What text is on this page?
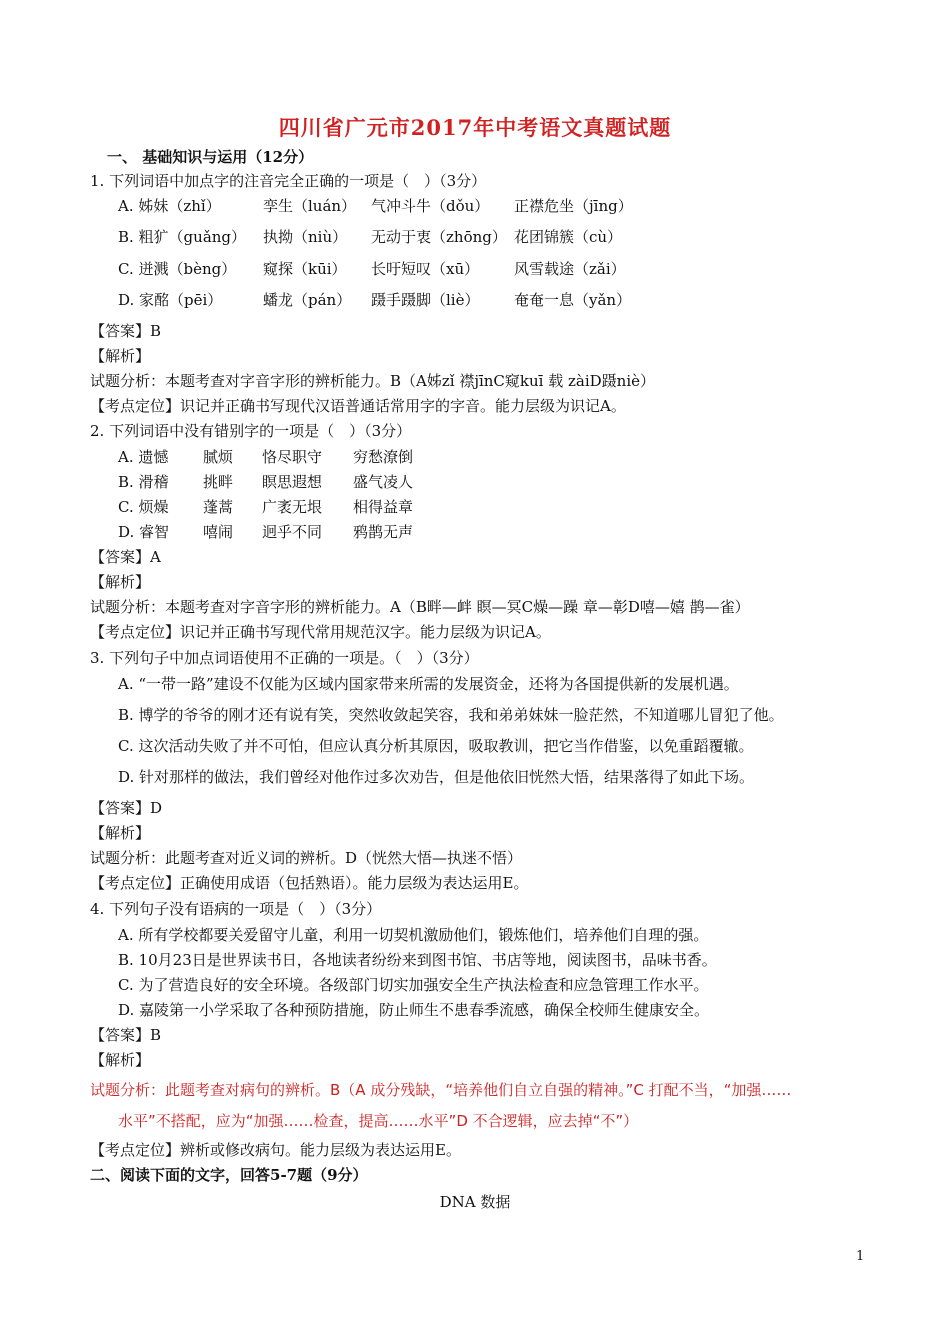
四川省广元市2017年中考语文真题试题
一、 基础知识与运用（12分）
1. 下列词语中加点字的注音完全正确的一项是（　）（3分）
A. 姊妹（zhǐ）	孪生（luán） 气冲斗牛（dǒu） 正襟危坐（jīng）
B. 粗犷（guǎng） 执拗（niù） 无动于衷（zhōng） 花团锦簇（cù）
C. 迸溅（bèng） 窥探（kūi） 长吁短叹（xū） 风雪载途（zǎi）
D. 家酩（pēi）	蟠龙（pán） 蹑手蹑脚（liè） 奄奄一息（yǎn）
【答案】B
【解析】
试题分析：本题考查对字音字形的辨析能力。B（A姊zǐ 襟jīnC窥kuī 载 zàiD蹑niè）
【考点定位】识记并正确书写现代汉语普通话常用字的字音。能力层级为识记A。
2. 下列词语中没有错别字的一项是（　）（3分）
A. 遗憾 腻烦 恪尽职守 穷愁潦倒
B. 滑稽 挑畔 瞑思遐想 盛气凌人
C. 烦燥 蓬蒿 广袤无垠 相得益章
D. 睿智 嘻闹 迥乎不同 鸦鹊无声
【答案】A
【解析】
试题分析：本题考查对字音字形的辨析能力。A（B畔—衅 瞑—冥C燥—躁 章—彰D嘻—嬉 鹊—雀）
【考点定位】识记并正确书写现代常用规范汉字。能力层级为识记A。
3. 下列句子中加点词语使用不正确的一项是。（　）（3分）
A. “一带一路”建设不仅能为区域内国家带来所需的发展资金，还将为各国提供新的发展机遇。
B. 博学的爷爷的刚才还有说有笑，突然收敛起笑容，我和弟弟妹妹一脸茫然，不知道哪儿冒犯了他。
C. 这次活动失败了并不可怕，但应认真分析其原因，吸取教训，把它当作借鉴，以免重蹈覆辙。
D. 针对那样的做法，我们曾经对他作过多次劝告，但是他依旧恍然大悟，结果落得了如此下场。
【答案】D
【解析】
试题分析：此题考查对近义词的辨析。D（恍然大悟—执迷不悟）
【考点定位】正确使用成语（包括熟语）。能力层级为表达运用E。
4. 下列句子没有语病的一项是（　）（3分）
A. 所有学校都要关爱留守儿童，利用一切契机激励他们，锻炼他们，培养他们自理的强。
B. 10月23日是世界读书日，各地读者纷纷来到图书馆、书店等地，阅读图书，品味书香。
C. 为了营造良好的安全环境。各级部门切实加强安全生产执法检查和应急管理工作水平。
D. 嘉陵第一小学采取了各种预防措施，防止师生不患春季流感，确保全校师生健康安全。
【答案】B
【解析】
试题分析：此题考查对病句的辨析。B（A 成分残缺，“培养他们自立自强的精神。”C 打配不当，“加强……
水平”不搭配，应为“加强……检查，提高……水平”D 不合逻辑，应去掉“不”）
【考点定位】辨析或修改病句。能力层级为表达运用E。
二、阅读下面的文字，回答5-7题（9分）
DNA 数据
1
